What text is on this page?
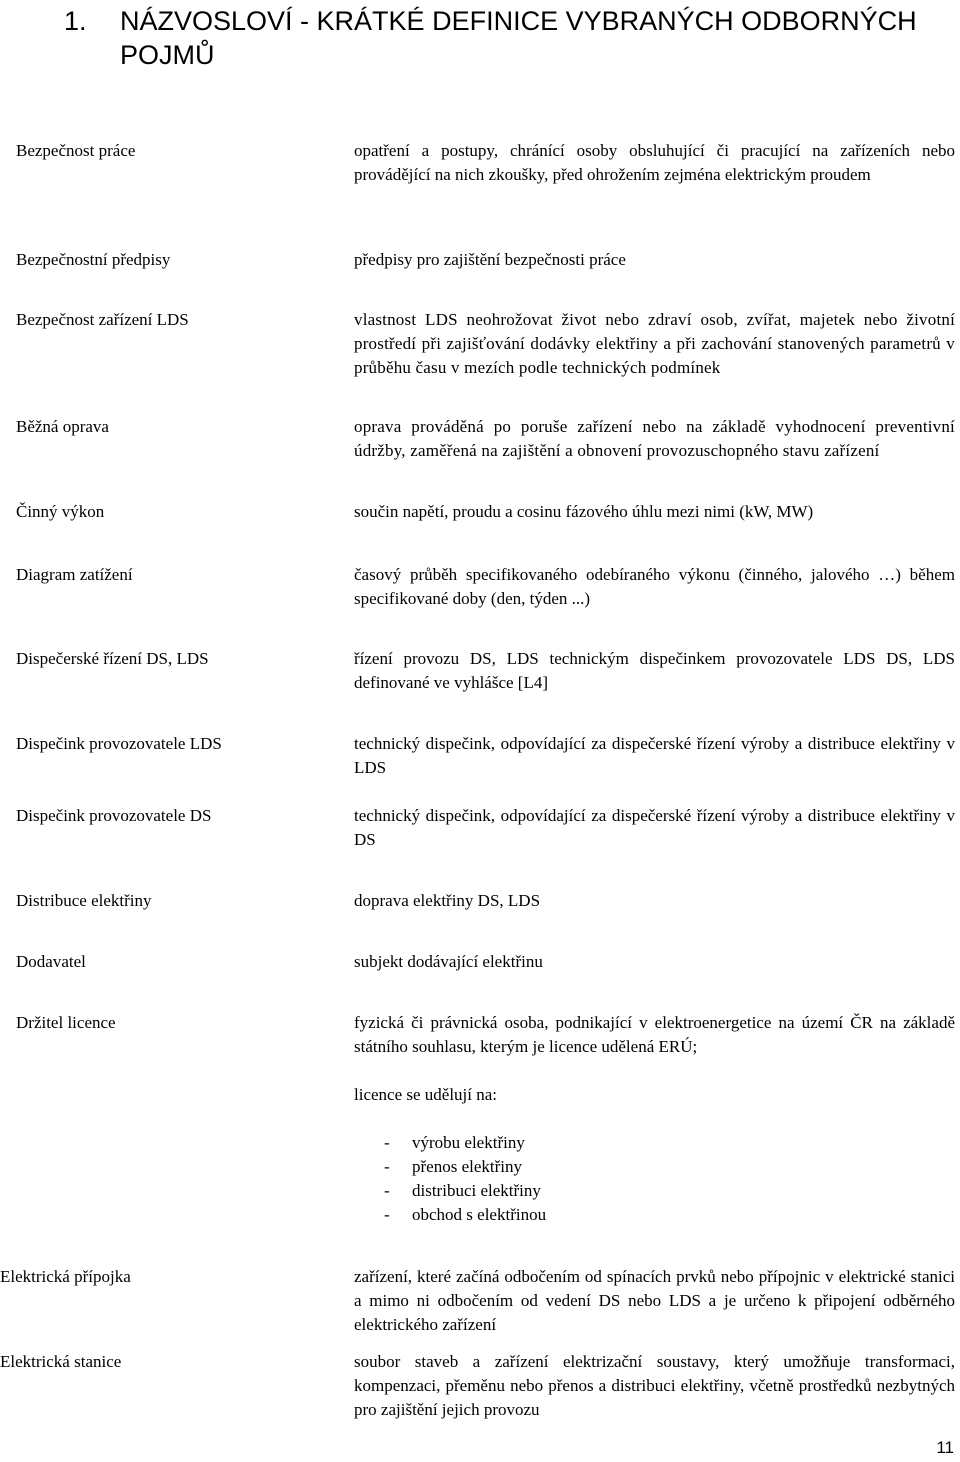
1. NÁZVOSLOVÍ - KRÁTKÉ DEFINICE VYBRANÝCH ODBORNÝCH POJMŮ
Bezpečnost práce	opatření a postupy, chránící osoby obsluhující či pracující na zařízeních nebo provádějící na nich zkoušky, před ohrožením zejména elektrickým proudem
Bezpečnostní předpisy	předpisy pro zajištění bezpečnosti práce
Bezpečnost zařízení LDS	vlastnost LDS neohrožovat život nebo zdraví osob, zvířat, majetek nebo životní prostředí při zajišťování dodávky elektřiny a při zachování stanovených parametrů v průběhu času v mezích podle technických podmínek
Běžná oprava	oprava prováděná po poruše zařízení nebo na základě vyhodnocení preventivní údržby, zaměřená na zajištění a obnovení provozuschopného stavu zařízení
Činný výkon	součin napětí, proudu a cosinu fázového úhlu mezi nimi (kW, MW)
Diagram zatížení	časový průběh specifikovaného odebíraného výkonu (činného, jalového …) během specifikované doby (den, týden ...)
Dispečerské řízení DS, LDS	řízení provozu DS, LDS technickým dispečinkem provozovatele LDS DS, LDS definované ve vyhlášce [L4]
Dispečink provozovatele LDS	technický dispečink, odpovídající za dispečerské řízení výroby a distribuce elektřiny v LDS
Dispečink provozovatele DS	technický dispečink, odpovídající za dispečerské řízení výroby a distribuce elektřiny v DS
Distribuce elektřiny	doprava elektřiny DS, LDS
Dodavatel	subjekt dodávající elektřinu
Držitel licence	fyzická či právnická osoba, podnikající v elektroenergetice na území ČR na základě státního souhlasu, kterým je licence udělená ERÚ;
licence se udělují na:
- výrobu elektřiny
- přenos elektřiny
- distribuci elektřiny
- obchod s elektřinou
Elektrická přípojka	zařízení, které začíná odbočením od spínacích prvků nebo přípojnic v elektrické stanici a mimo ni odbočením od vedení DS nebo LDS a je určeno k připojení odběrného elektrického zařízení
Elektrická stanice	soubor staveb a zařízení elektrizační soustavy, který umožňuje transformaci, kompenzaci, přeměnu nebo přenos a distribuci elektřiny, včetně prostředků nezbytných pro zajištění jejich provozu
11
